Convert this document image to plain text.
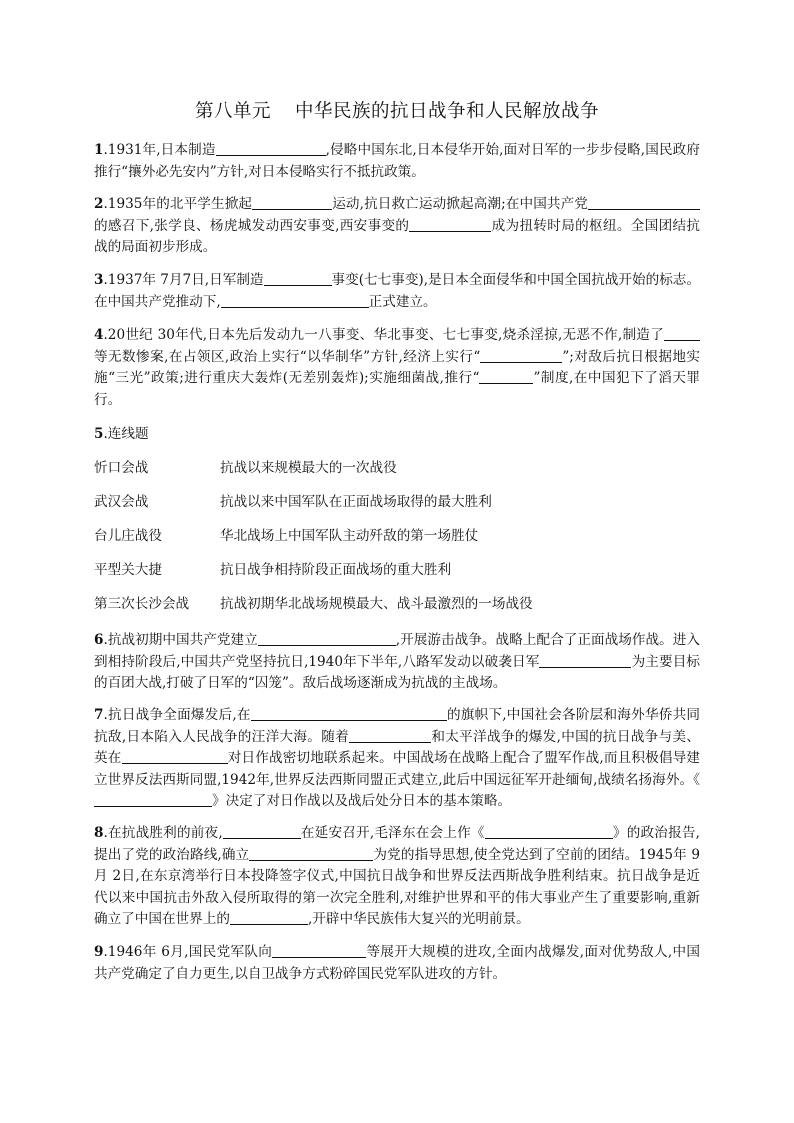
第八单元 中华民族的抗日战争和人民解放战争
1.1931年,日本制造	,侵略中国东北,日本侵华开始,面对日军的一步步侵略,国民政府推行“攘外必先安内”方针,对日本侵略实行不抵抗政策。
2.1935年的北平学生掀起	运动,抗日救亡运动掀起高潮;在中国共产党的感召下,张学良、杨虎城发动西安事变,西安事变的	成为扭转时局的枢纽。全国团结抗战的局面初步形成。
3.1937年 7月7日,日军制造	事变(七七事变),是日本全面侵华和中国全国抗战开始的标志。在中国共产党推动下,	正式建立。
4.20世纪 30年代,日本先后发动九一八事变、华北事变、七七事变,烧杀淫掠,无恶不作,制造了等无数惨案,在占领区,政治上实行“以华制华”方针,经济上实行“	”;对敌后抗日根据地实施“三光”政策;进行重庆大轰炸(无差别轰炸);实施细菌战,推行“	”制度,在中国犯下了滔天罪行。
5.连线题
忻口会战	抗战以来规模最大的一次战役
武汉会战	抗战以来中国军队在正面战场取得的最大胜利
台儿庄战役	华北战场上中国军队主动歼敌的第一场胜仗
平型关大捷	抗日战争相持阶段正面战场的重大胜利
第三次长沙会战 抗战初期华北战场规模最大、战斗最激烈的一场战役
6.抗战初期中国共产党建立	,开展游击战争。战略上配合了正面战场作战。进入到相持阶段后,中国共产党坚持抗日,1940年下半年,八路军发动以破袭日军	为主要目标的百团大战,打破了日军的“囚笼”。敌后战场逐渐成为抗战的主战场。
7.抗日战争全面爆发后,在	的旗帜下,中国社会各阶层和海外华侨共同抗敌,日本陷入人民战争的汪洋大海。随着	和太平洋战争的爆发,中国的抗日战争与美、英在	对日作战密切地联系起来。中国战场在战略上配合了盟军作战,而且积极倡导建立世界反法西斯同盟,1942年,世界反法西斯同盟正式建立,此后中国远征军开赴缅甸,战绩名扬海外。《》决定了对日作战以及战后处分日本的基本策略。
8.在抗战胜利的前夜,	在延安召开,毛泽东在会上作《	》的政治报告,提出了党的政治路线,确立	为党的指导思想,使全党达到了空前的团结。1945年 9月 2日,在东京湾举行日本投降签字仪式,中国抗日战争和世界反法西斯战争胜利结束。抗日战争是近代以来中国抗击外敌入侵所取得的第一次完全胜利,对维护世界和平的伟大事业产生了重要影响,重新确立了中国在世界上的	,开辟中华民族伟大复兴的光明前景。
9.1946年 6月,国民党军队向	等展开大规模的进攻,全面内战爆发,面对优势敌人,中国共产党确定了自力更生,以自卫战争方式粉碎国民党军队进攻的方针。
